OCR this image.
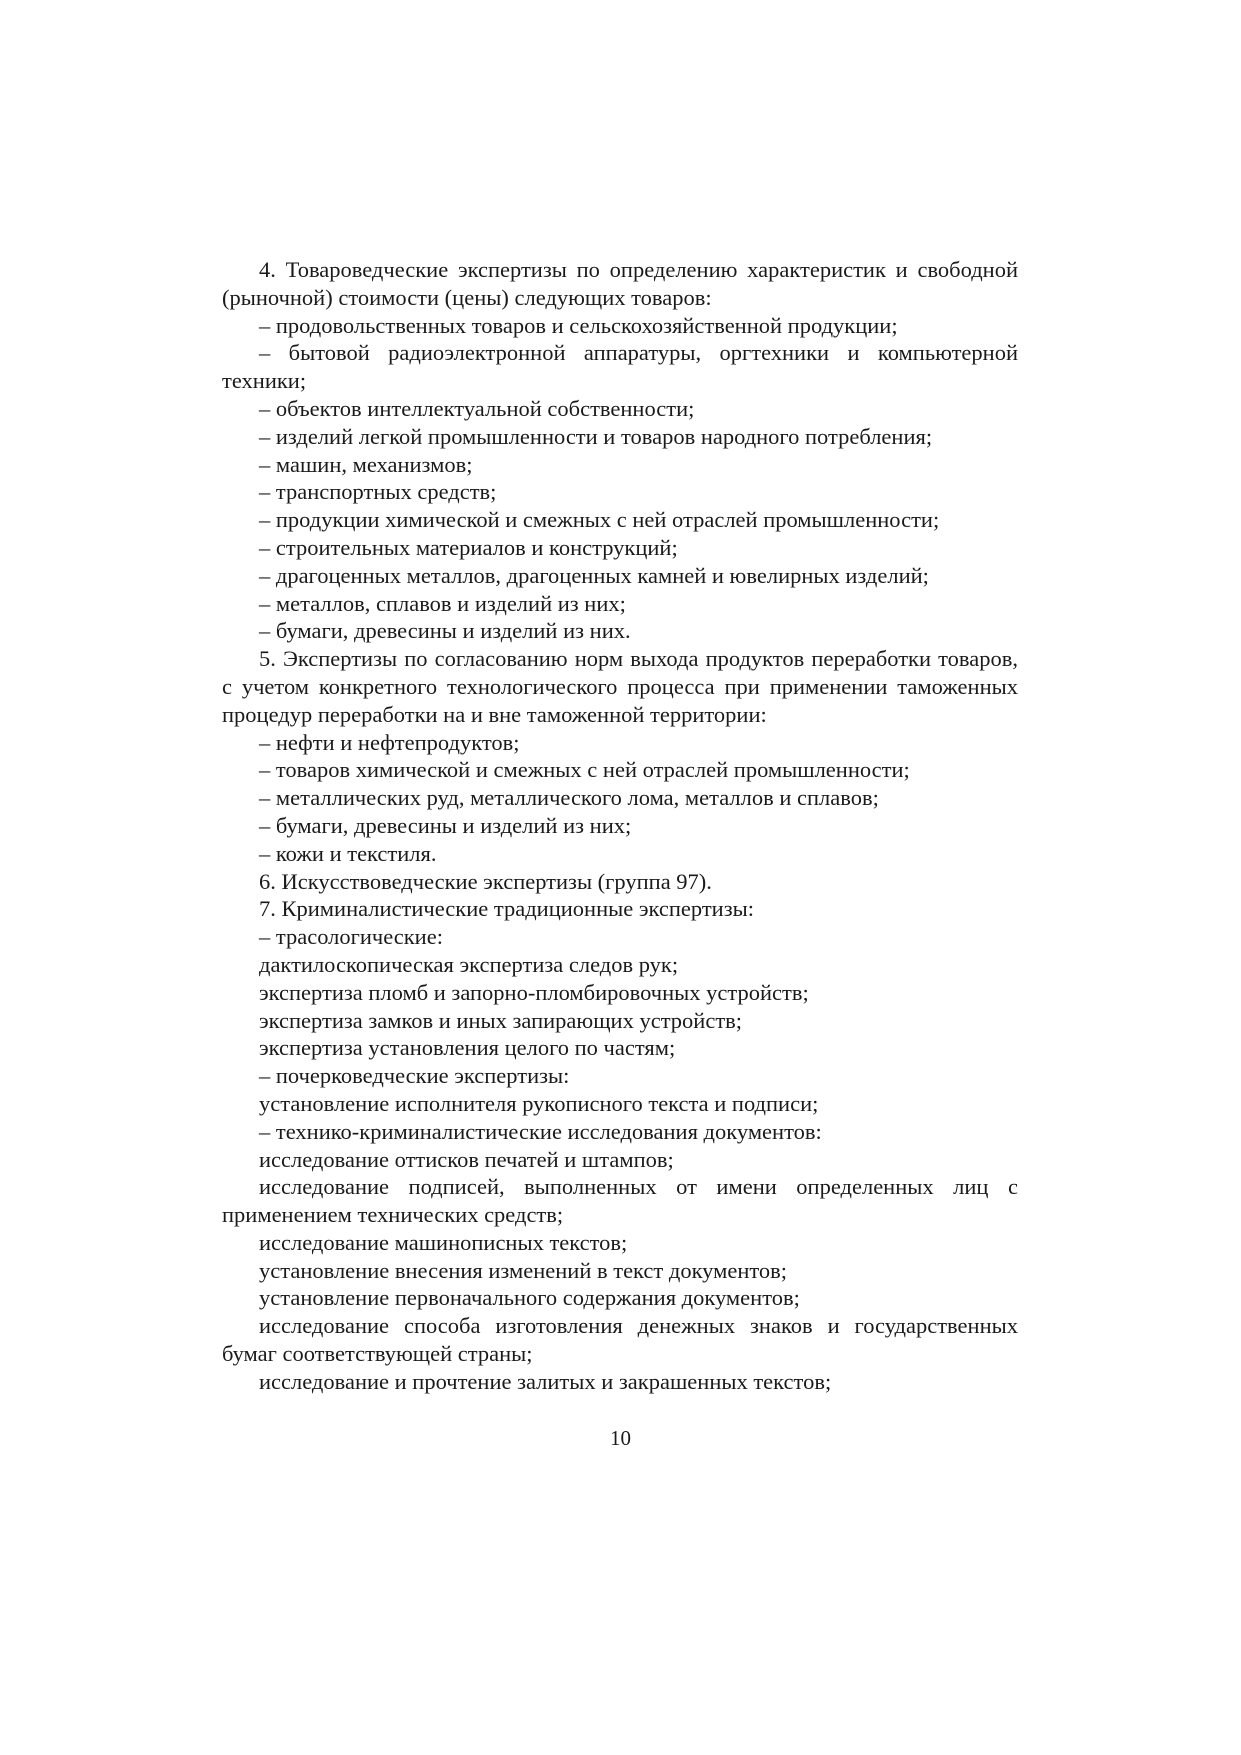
4. Товароведческие экспертизы по определению характеристик и свободной (рыночной) стоимости (цены) следующих товаров:

– продовольственных товаров и сельскохозяйственной продукции;

– бытовой радиоэлектронной аппаратуры, оргтехники и компьютерной техники;

– объектов интеллектуальной собственности;

– изделий легкой промышленности и товаров народного потребления;

– машин, механизмов;

– транспортных средств;

– продукции химической и смежных с ней отраслей промышленности;

– строительных материалов и конструкций;

– драгоценных металлов, драгоценных камней и ювелирных изделий;

– металлов, сплавов и изделий из них;

– бумаги, древесины и изделий из них.

5. Экспертизы по согласованию норм выхода продуктов переработки товаров, с учетом конкретного технологического процесса при применении таможенных процедур переработки на и вне таможенной территории:

– нефти и нефтепродуктов;

– товаров химической и смежных с ней отраслей промышленности;

– металлических руд, металлического лома, металлов и сплавов;

– бумаги, древесины и изделий из них;

– кожи и текстиля.

6. Искусствоведческие экспертизы (группа 97).

7. Криминалистические традиционные экспертизы:

– трасологические:

дактилоскопическая экспертиза следов рук;

экспертиза пломб и запорно-пломбировочных устройств;

экспертиза замков и иных запирающих устройств;

экспертиза установления целого по частям;

– почерковедческие экспертизы:

установление исполнителя рукописного текста и подписи;

– технико-криминалистические исследования документов:

исследование оттисков печатей и штампов;

исследование подписей, выполненных от имени определенных лиц с применением технических средств;

исследование машинописных текстов;

установление внесения изменений в текст документов;

установление первоначального содержания документов;

исследование способа изготовления денежных знаков и государственных бумаг соответствующей страны;

исследование и прочтение залитых и закрашенных текстов;

10
